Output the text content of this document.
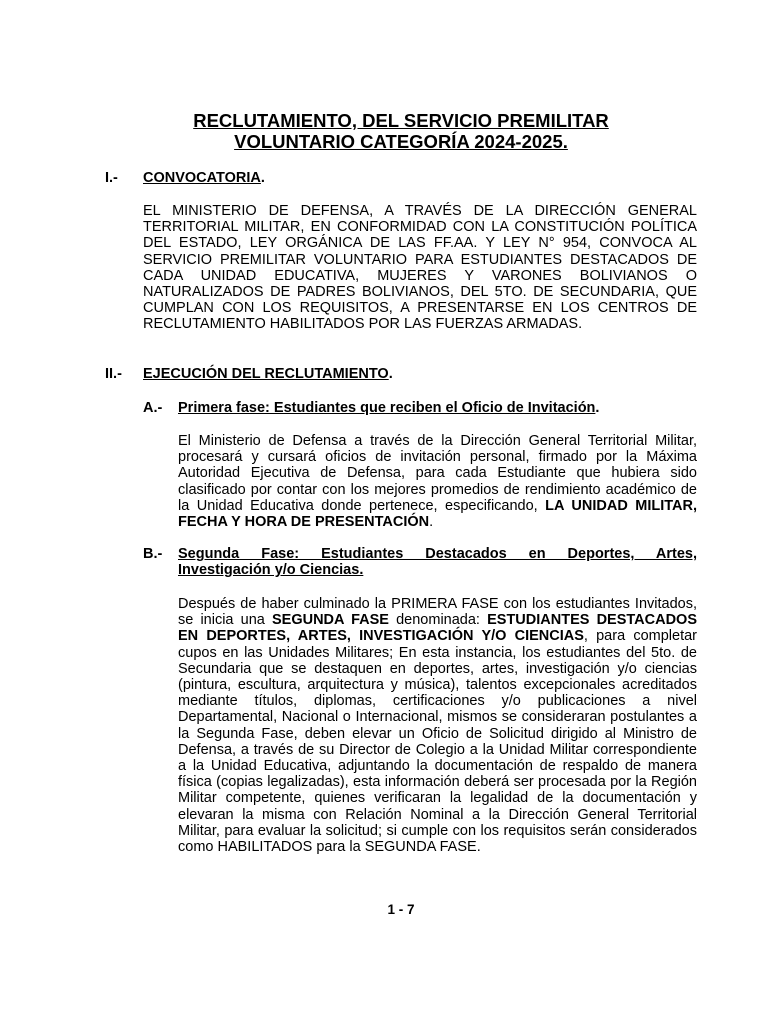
RECLUTAMIENTO, DEL SERVICIO PREMILITAR
VOLUNTARIO CATEGORÍA 2024-2025.
I.- CONVOCATORIA.
EL MINISTERIO DE DEFENSA, A TRAVÉS DE LA DIRECCIÓN GENERAL TERRITORIAL MILITAR, EN CONFORMIDAD CON LA CONSTITUCIÓN POLÍTICA DEL ESTADO, LEY ORGÁNICA DE LAS FF.AA. Y LEY N° 954, CONVOCA AL SERVICIO PREMILITAR VOLUNTARIO PARA ESTUDIANTES DESTACADOS DE CADA UNIDAD EDUCATIVA, MUJERES Y VARONES BOLIVIANOS O NATURALIZADOS DE PADRES BOLIVIANOS, DEL 5TO. DE SECUNDARIA, QUE CUMPLAN CON LOS REQUISITOS, A PRESENTARSE EN LOS CENTROS DE RECLUTAMIENTO HABILITADOS POR LAS FUERZAS ARMADAS.
II.- EJECUCIÓN DEL RECLUTAMIENTO.
A.- Primera fase: Estudiantes que reciben el Oficio de Invitación.
El Ministerio de Defensa a través de la Dirección General Territorial Militar, procesará y cursará oficios de invitación personal, firmado por la Máxima Autoridad Ejecutiva de Defensa, para cada Estudiante que hubiera sido clasificado por contar con los mejores promedios de rendimiento académico de la Unidad Educativa donde pertenece, especificando, LA UNIDAD MILITAR, FECHA Y HORA DE PRESENTACIÓN.
B.- Segunda Fase: Estudiantes Destacados en Deportes, Artes,
Investigación y/o Ciencias.
Después de haber culminado la PRIMERA FASE con los estudiantes Invitados, se inicia una SEGUNDA FASE denominada: ESTUDIANTES DESTACADOS EN DEPORTES, ARTES, INVESTIGACIÓN Y/O CIENCIAS, para completar cupos en las Unidades Militares; En esta instancia, los estudiantes del 5to. de Secundaria que se destaquen en deportes, artes, investigación y/o ciencias (pintura, escultura, arquitectura y música), talentos excepcionales acreditados mediante títulos, diplomas, certificaciones y/o publicaciones a nivel Departamental, Nacional o Internacional, mismos se consideraran postulantes a la Segunda Fase, deben elevar un Oficio de Solicitud dirigido al Ministro de Defensa, a través de su Director de Colegio a la Unidad Militar correspondiente a la Unidad Educativa, adjuntando la documentación de respaldo de manera física (copias legalizadas), esta información deberá ser procesada por la Región Militar competente, quienes verificaran la legalidad de la documentación y elevaran la misma con Relación Nominal a la Dirección General Territorial Militar, para evaluar la solicitud; si cumple con los requisitos serán considerados como HABILITADOS para la SEGUNDA FASE.
1 - 7
